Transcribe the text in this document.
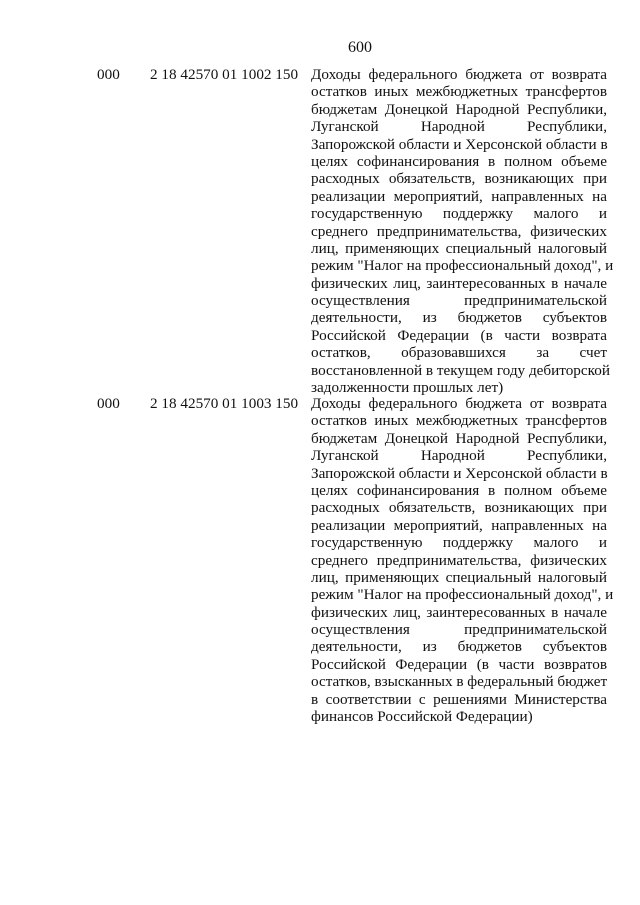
600
000 2 18 42570 01 1002 150 Доходы федерального бюджета от возврата
остатков иных межбюджетных трансфертов
бюджетам Донецкой Народной Республики,
Луганской Народной Республики,
Запорожской области и Херсонской области в
целях софинансирования в полном объеме
расходных обязательств, возникающих при
реализации мероприятий, направленных на
государственную поддержку малого и
среднего предпринимательства, физических
лиц, применяющих специальный налоговый
режим "Налог на профессиональный доход", и
физических лиц, заинтересованных в начале
осуществления предпринимательской
деятельности, из бюджетов субъектов
Российской Федерации (в части возврата
остатков, образовавшихся за счет
восстановленной в текущем году дебиторской
задолженности прошлых лет)
000 2 18 42570 01 1003 150 Доходы федерального бюджета от возврата
остатков иных межбюджетных трансфертов
бюджетам Донецкой Народной Республики,
Луганской Народной Республики,
Запорожской области и Херсонской области в
целях софинансирования в полном объеме
расходных обязательств, возникающих при
реализации мероприятий, направленных на
государственную поддержку малого и
среднего предпринимательства, физических
лиц, применяющих специальный налоговый
режим "Налог на профессиональный доход", и
физических лиц, заинтересованных в начале
осуществления предпринимательской
деятельности, из бюджетов субъектов
Российской Федерации (в части возвратов
остатков, взысканных в федеральный бюджет
в соответствии с решениями Министерства
финансов Российской Федерации)
